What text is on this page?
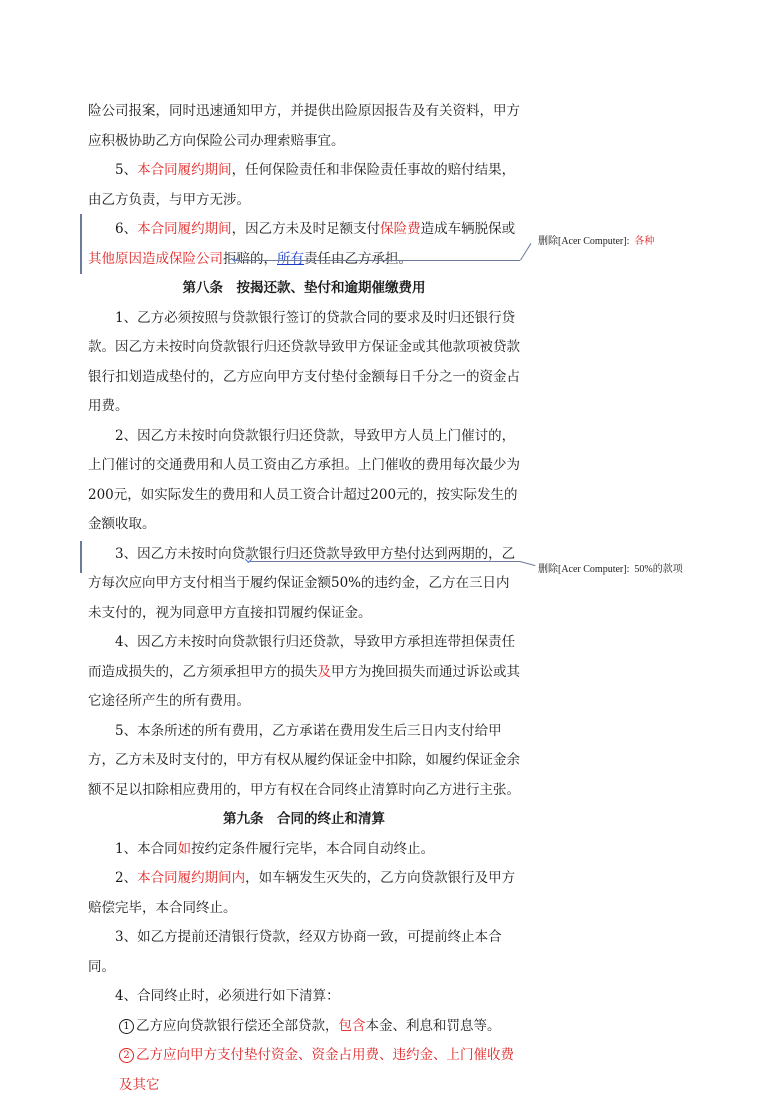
险公司报案，同时迅速通知甲方，并提供出险原因报告及有关资料，甲方应积极协助乙方向保险公司办理索赔事宜。

5、本合同履约期间，任何保险责任和非保险责任事故的赔付结果，由乙方负责，与甲方无涉。

6、本合同履约期间，因乙方未及时足额支付保险费造成车辆脱保或其他原因造成保险公司拒赔的，所有责任由乙方承担。

第八条　按揭还款、垫付和逾期催缴费用

1、乙方必须按照与贷款银行签订的贷款合同的要求及时归还银行贷款。因乙方未按时向贷款银行归还贷款导致甲方保证金或其他款项被贷款银行扣划造成垫付的，乙方应向甲方支付垫付金额每日千分之一的资金占用费。

2、因乙方未按时向贷款银行归还贷款，导致甲方人员上门催讨的，上门催讨的交通费用和人员工资由乙方承担。上门催收的费用每次最少为200元，如实际发生的费用和人员工资合计超过200元的，按实际发生的金额收取。

3、因乙方未按时向贷款银行归还贷款导致甲方垫付达到两期的，乙方每次应向甲方支付相当于履约保证金额50%的违约金，乙方在三日内未支付的，视为同意甲方直接扣罚履约保证金。

4、因乙方未按时向贷款银行归还贷款，导致甲方承担连带担保责任而造成损失的，乙方须承担甲方的损失及甲方为挽回损失而通过诉讼或其它途径所产生的所有费用。

5、本条所述的所有费用，乙方承诺在费用发生后三日内支付给甲方，乙方未及时支付的，甲方有权从履约保证金中扣除，如履约保证金余额不足以扣除相应费用的，甲方有权在合同终止清算时向乙方进行主张。

第九条　合同的终止和清算

1、本合同如按约定条件履行完毕，本合同自动终止。

2、本合同履约期间内，如车辆发生灭失的，乙方向贷款银行及甲方赔偿完毕，本合同终止。

3、如乙方提前还清银行贷款，经双方协商一致，可提前终止本合同。

4、合同终止时，必须进行如下清算：

1 乙方应向贷款银行偿还全部贷款，包含本金、利息和罚息等。

2 乙方应向甲方支付垫付资金、资金占用费、违约金、上门催收费及其它

删除[Acer Computer]: 各种
删除[Acer Computer]: 50%的款项
